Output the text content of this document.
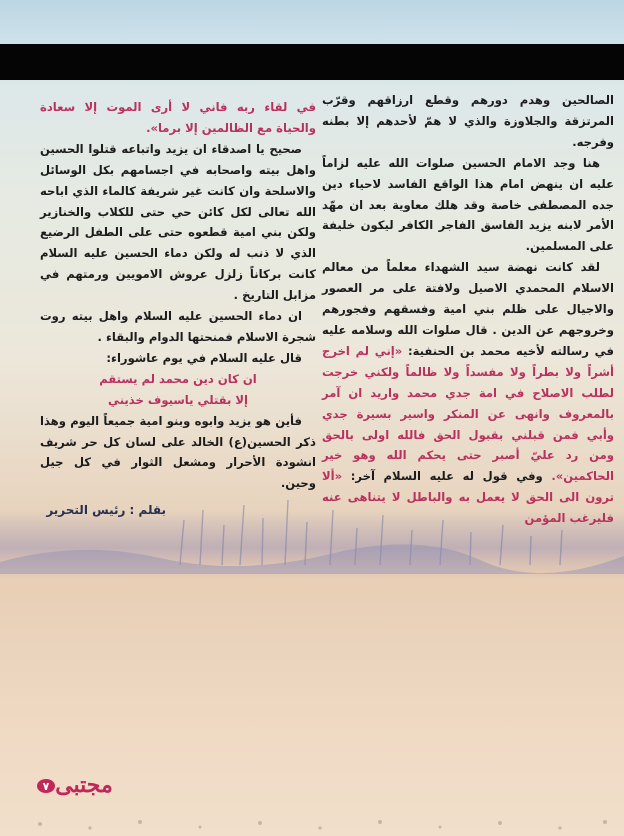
الصالحين وهدم دورهم وقطع ارزاقهم وقرّب المرتزقة والجلاوزة والذي لا همّ لأحدهم إلا بطنه وفرجه.

هنا وجد الامام الحسين صلوات الله عليه لزاماً عليه ان ينهض امام هذا الواقع الفاسد لاحياء دين جده المصطفى خاصة وقد هلك معاوية بعد ان مهّد الأمر لابنه يزيد الفاسق الفاجر الكافر ليكون خليفة على المسلمين.

لقد كانت نهضة سيد الشهداء معلماً من معالم الاسلام المحمدي الاصيل ولافتة على مر العصور والاجيال على ظلم بني امية وفسقهم وفجورهم وخروجهم عن الدين . قال صلوات الله وسلامه عليه في رسالته لأخيه محمد بن الحنفية: «إني لم اخرج أشراً ولا بطراً ولا مفسداً ولا ظالماً ولكني خرجت لطلب الاصلاح في امة جدي محمد واريد ان آمر بالمعروف وانهى عن المنكر واسير بسيرة جدي وأبي فمن قبلني بقبول الحق فالله اولى بالحق ومن رد عليّ أصبر حتى يحكم الله وهو خير الحاكمين». وفي قول له عليه السلام آخر: «ألا ترون الى الحق لا يعمل به والباطل لا يتناهى عنه فليرغب المؤمن

في لقاء ربه فاني لا أرى الموت إلا سعادة والحياة مع الظالمين إلا برما».

صحيح يا اصدقاء ان يزيد واتباعه قتلوا الحسين واهل بيته واصحابه في اجسامهم بكل الوسائل والاسلحة وان كانت غير شريفة كالماء الذي اباحه الله تعالى لكل كائن حي حتى للكلاب والخنازير ولكن بني امية قطعوه حتى على الطفل الرضيع الذي لا ذنب له ولكن دماء الحسين عليه السلام كانت بركاناً زلزل عروش الامويين ورمتهم في مزابل التاريخ .

ان دماء الحسين عليه السلام واهل بيته روت شجرة الاسلام فمنحتها الدوام والبقاء .

قال عليه السلام في يوم عاشوراء:

ان كان دين محمد لم يستقم

إلا بقتلي ياسيوف خذيني

فأين هو يزيد وابوه وبنو امية جميعاً اليوم وهذا ذكر الحسين(ع) الخالد على لسان كل حر شريف انشودة الأحرار ومشعل الثوار في كل جيل وحين.

بقلم : رئيس التحرير
٧ مجتبى
